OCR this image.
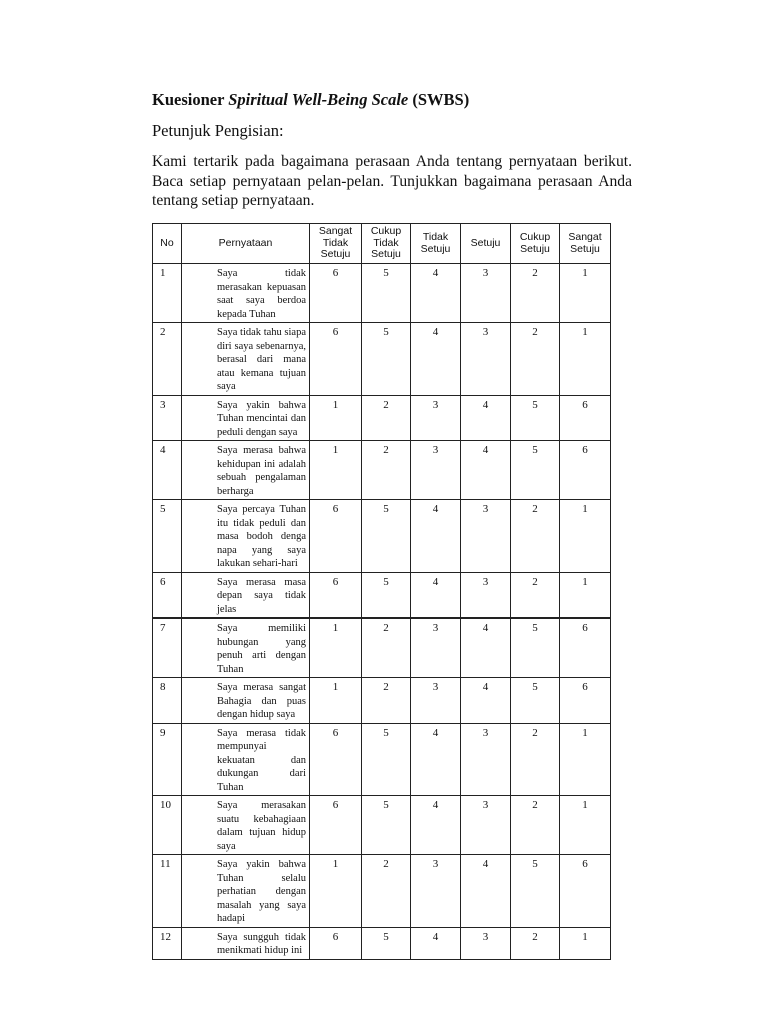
Kuesioner Spiritual Well-Being Scale (SWBS)
Petunjuk Pengisian:
Kami tertarik pada bagaimana perasaan Anda tentang pernyataan berikut. Baca setiap pernyataan pelan-pelan. Tunjukkan bagaimana perasaan Anda tentang setiap pernyataan.
No	Pernyataan	Sangat Tidak Setuju	Cukup Tidak Setuju	Tidak Setuju	Setuju	Cukup Setuju	Sangat Setuju
1	Saya tidak merasakan kepuasan saat saya berdoa kepada Tuhan	6	5	4	3	2	1
2	Saya tidak tahu siapa diri saya sebenarnya, berasal dari mana atau kemana tujuan saya	6	5	4	3	2	1
3	Saya yakin bahwa Tuhan mencintai dan peduli dengan saya	1	2	3	4	5	6
4	Saya merasa bahwa kehidupan ini adalah sebuah pengalaman berharga	1	2	3	4	5	6
5	Saya percaya Tuhan itu tidak peduli dan masa bodoh denga napa yang saya lakukan sehari-hari	6	5	4	3	2	1
6	Saya merasa masa depan saya tidak jelas	6	5	4	3	2	1
7	Saya memiliki hubungan yang penuh arti dengan Tuhan	1	2	3	4	5	6
8	Saya merasa sangat Bahagia dan puas dengan hidup saya	1	2	3	4	5	6
9	Saya merasa tidak mempunyai kekuatan dan dukungan dari Tuhan	6	5	4	3	2	1
10	Saya merasakan suatu kebahagiaan dalam tujuan hidup saya	6	5	4	3	2	1
11	Saya yakin bahwa Tuhan selalu perhatian dengan masalah yang saya hadapi	1	2	3	4	5	6
12	Saya sungguh tidak menikmati hidup ini	6	5	4	3	2	1
